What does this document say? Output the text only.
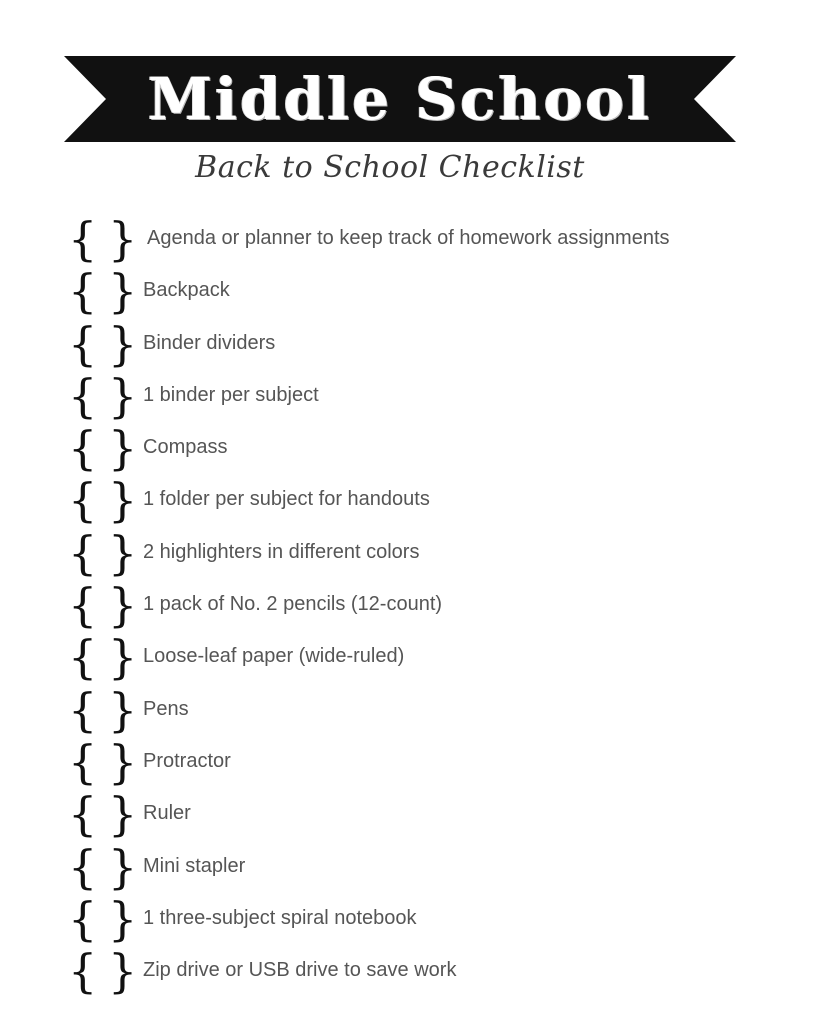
Middle School
Back to School Checklist
{ } Agenda or planner to keep track of homework assignments
{ } Backpack
{ } Binder dividers
{ } 1 binder per subject
{ } Compass
{ } 1 folder per subject for handouts
{ } 2 highlighters in different colors
{ } 1 pack of No. 2 pencils (12-count)
{ } Loose-leaf paper (wide-ruled)
{ } Pens
{ } Protractor
{ } Ruler
{ } Mini stapler
{ } 1 three-subject spiral notebook
{ } Zip drive or USB drive to save work
